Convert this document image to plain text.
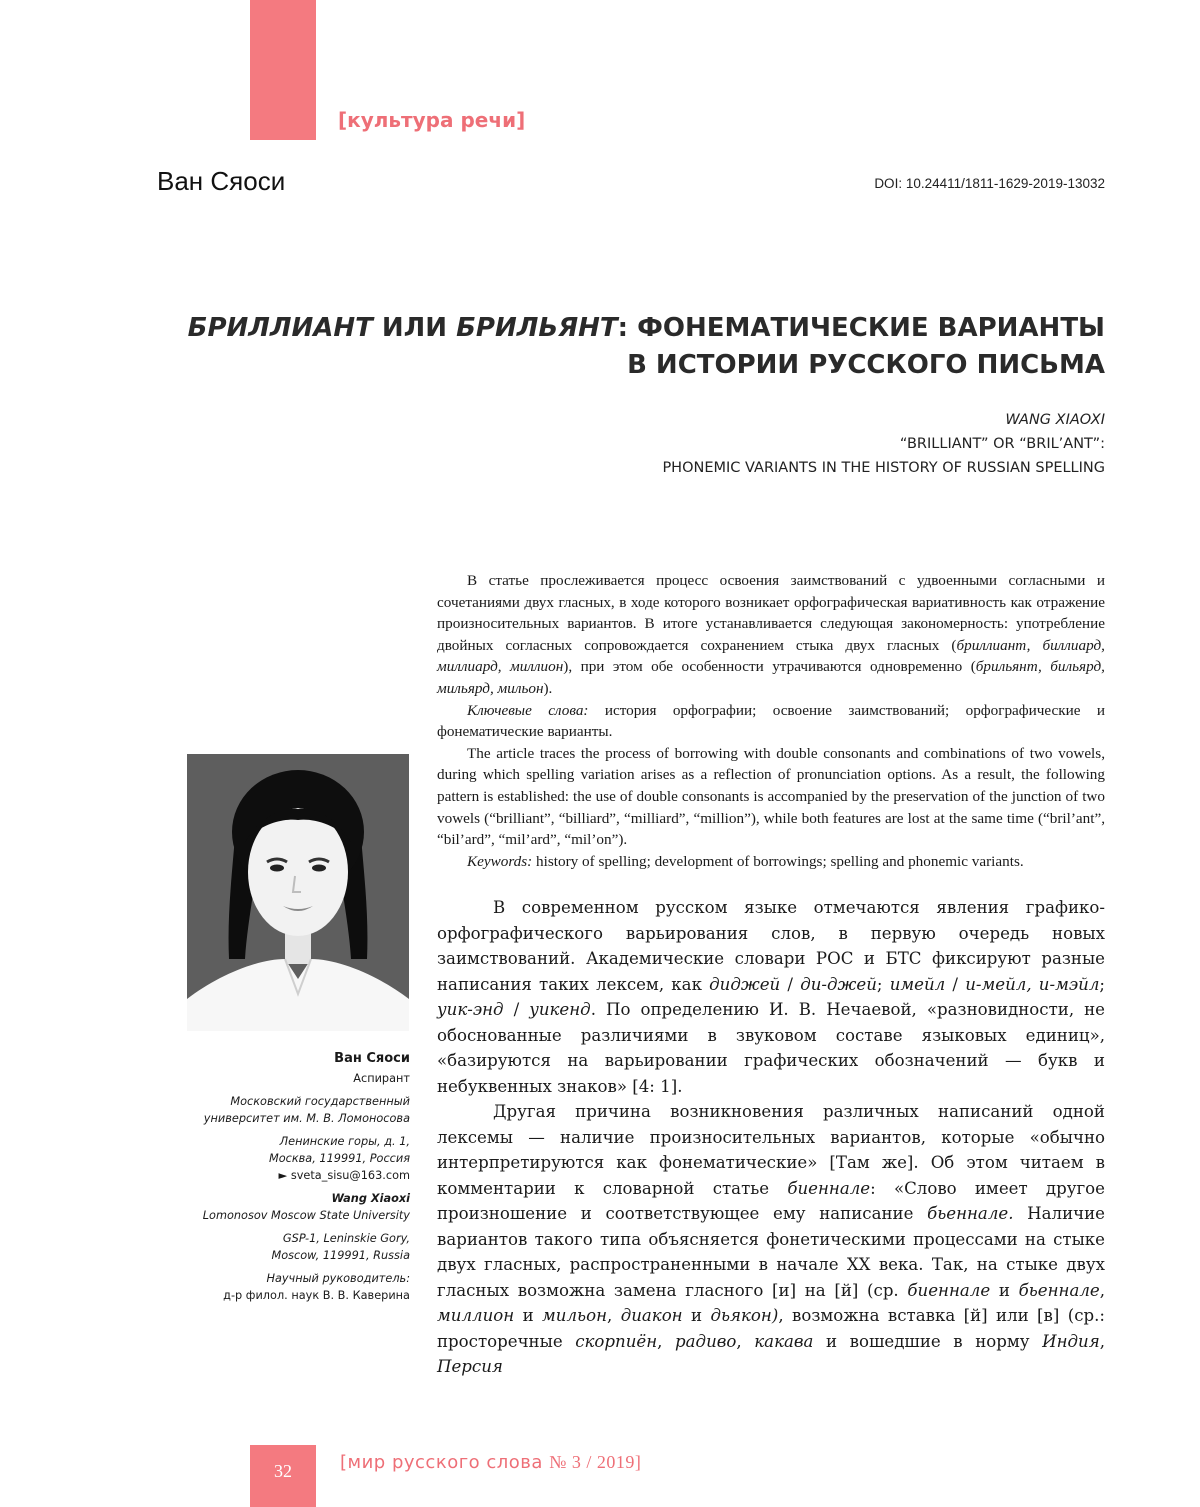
[культура речи]
Ван Сяоси	DOI: 10.24411/1811-1629-2019-13032
БРИЛЛИАНТ ИЛИ БРИЛЬЯНТ: ФОНЕМАТИЧЕСКИЕ ВАРИАНТЫ
В ИСТОРИИ РУССКОГО ПИСЬМА
WANG XIAOXI
“BRILLIANT” OR “BRIL’ANT”:
PHONEMIC VARIANTS IN THE HISTORY OF RUSSIAN SPELLING

В статье прослеживается процесс освоения заимствований с удвоенными согласными и сочетаниями двух гласных, в ходе которого возникает орфографическая вариативность как отражение произносительных вариантов. В итоге устанавливается следующая закономерность: употребление двойных согласных сопровождается сохранением стыка двух гласных (бриллиант, биллиард, миллиард, миллион), при этом обе особенности утрачиваются одновременно (брильянт, бильярд, мильярд, мильон).

Ключевые слова: история орфографии; освоение заимствований; орфографические и фонематические варианты.

The article traces the process of borrowing with double consonants and combinations of two vowels, during which spelling variation arises as a reflection of pronunciation options. As a result, the following pattern is established: the use of double consonants is accompanied by the preservation of the junction of two vowels (“brilliant”, “billiard”, “milliard”, “million”), while both features are lost at the same time (“bril’ant”, “bil’ard”, “mil’ard”, “mil’on”).

Keywords: history of spelling; development of borrowings; spelling and phonemic variants.

Ван Сяоси
Аспирант
Московский государственный
университет им. М. В. Ломоносова
Ленинские горы, д. 1,
Москва, 119991, Россия
► sveta_sisu@163.com
Wang Xiaoxi
Lomonosov Moscow State University
GSP-1, Leninskie Gory,
Moscow, 119991, Russia
Научный руководитель:
д-р филол. наук В. В. Каверина

В современном русском языке отмечаются явления графико-орфографического варьирования слов, в первую очередь новых заимствований. Академические словари РОС и БТС фиксируют разные написания таких лексем, как диджей / ди-джей; имейл / и-мейл, и-мэйл; уик-энд / уикенд. По определению И. В. Нечаевой, «разновидности, не обоснованные различиями в звуковом составе языковых единиц», «базируются на варьировании графических обозначений — букв и небуквенных знаков» [4: 1].

Другая причина возникновения различных написаний одной лексемы — наличие произносительных вариантов, которые «обычно интерпретируются как фонематические» [Там же]. Об этом читаем в комментарии к словарной статье биеннале: «Слово имеет другое произношение и соответствующее ему написание бьеннале. Наличие вариантов такого типа объясняется фонетическими процессами на стыке двух гласных, распространенными в начале XX века. Так, на стыке двух гласных возможна замена гласного [и] на [й] (ср. биеннале и бьеннале, миллион и мильон, диакон и дьякон), возможна вставка [й] или [в] (ср.: просторечные скорпиён, радиво, какава и вошедшие в норму Индия, Персия

32	[мир русского слова № 3 / 2019]
